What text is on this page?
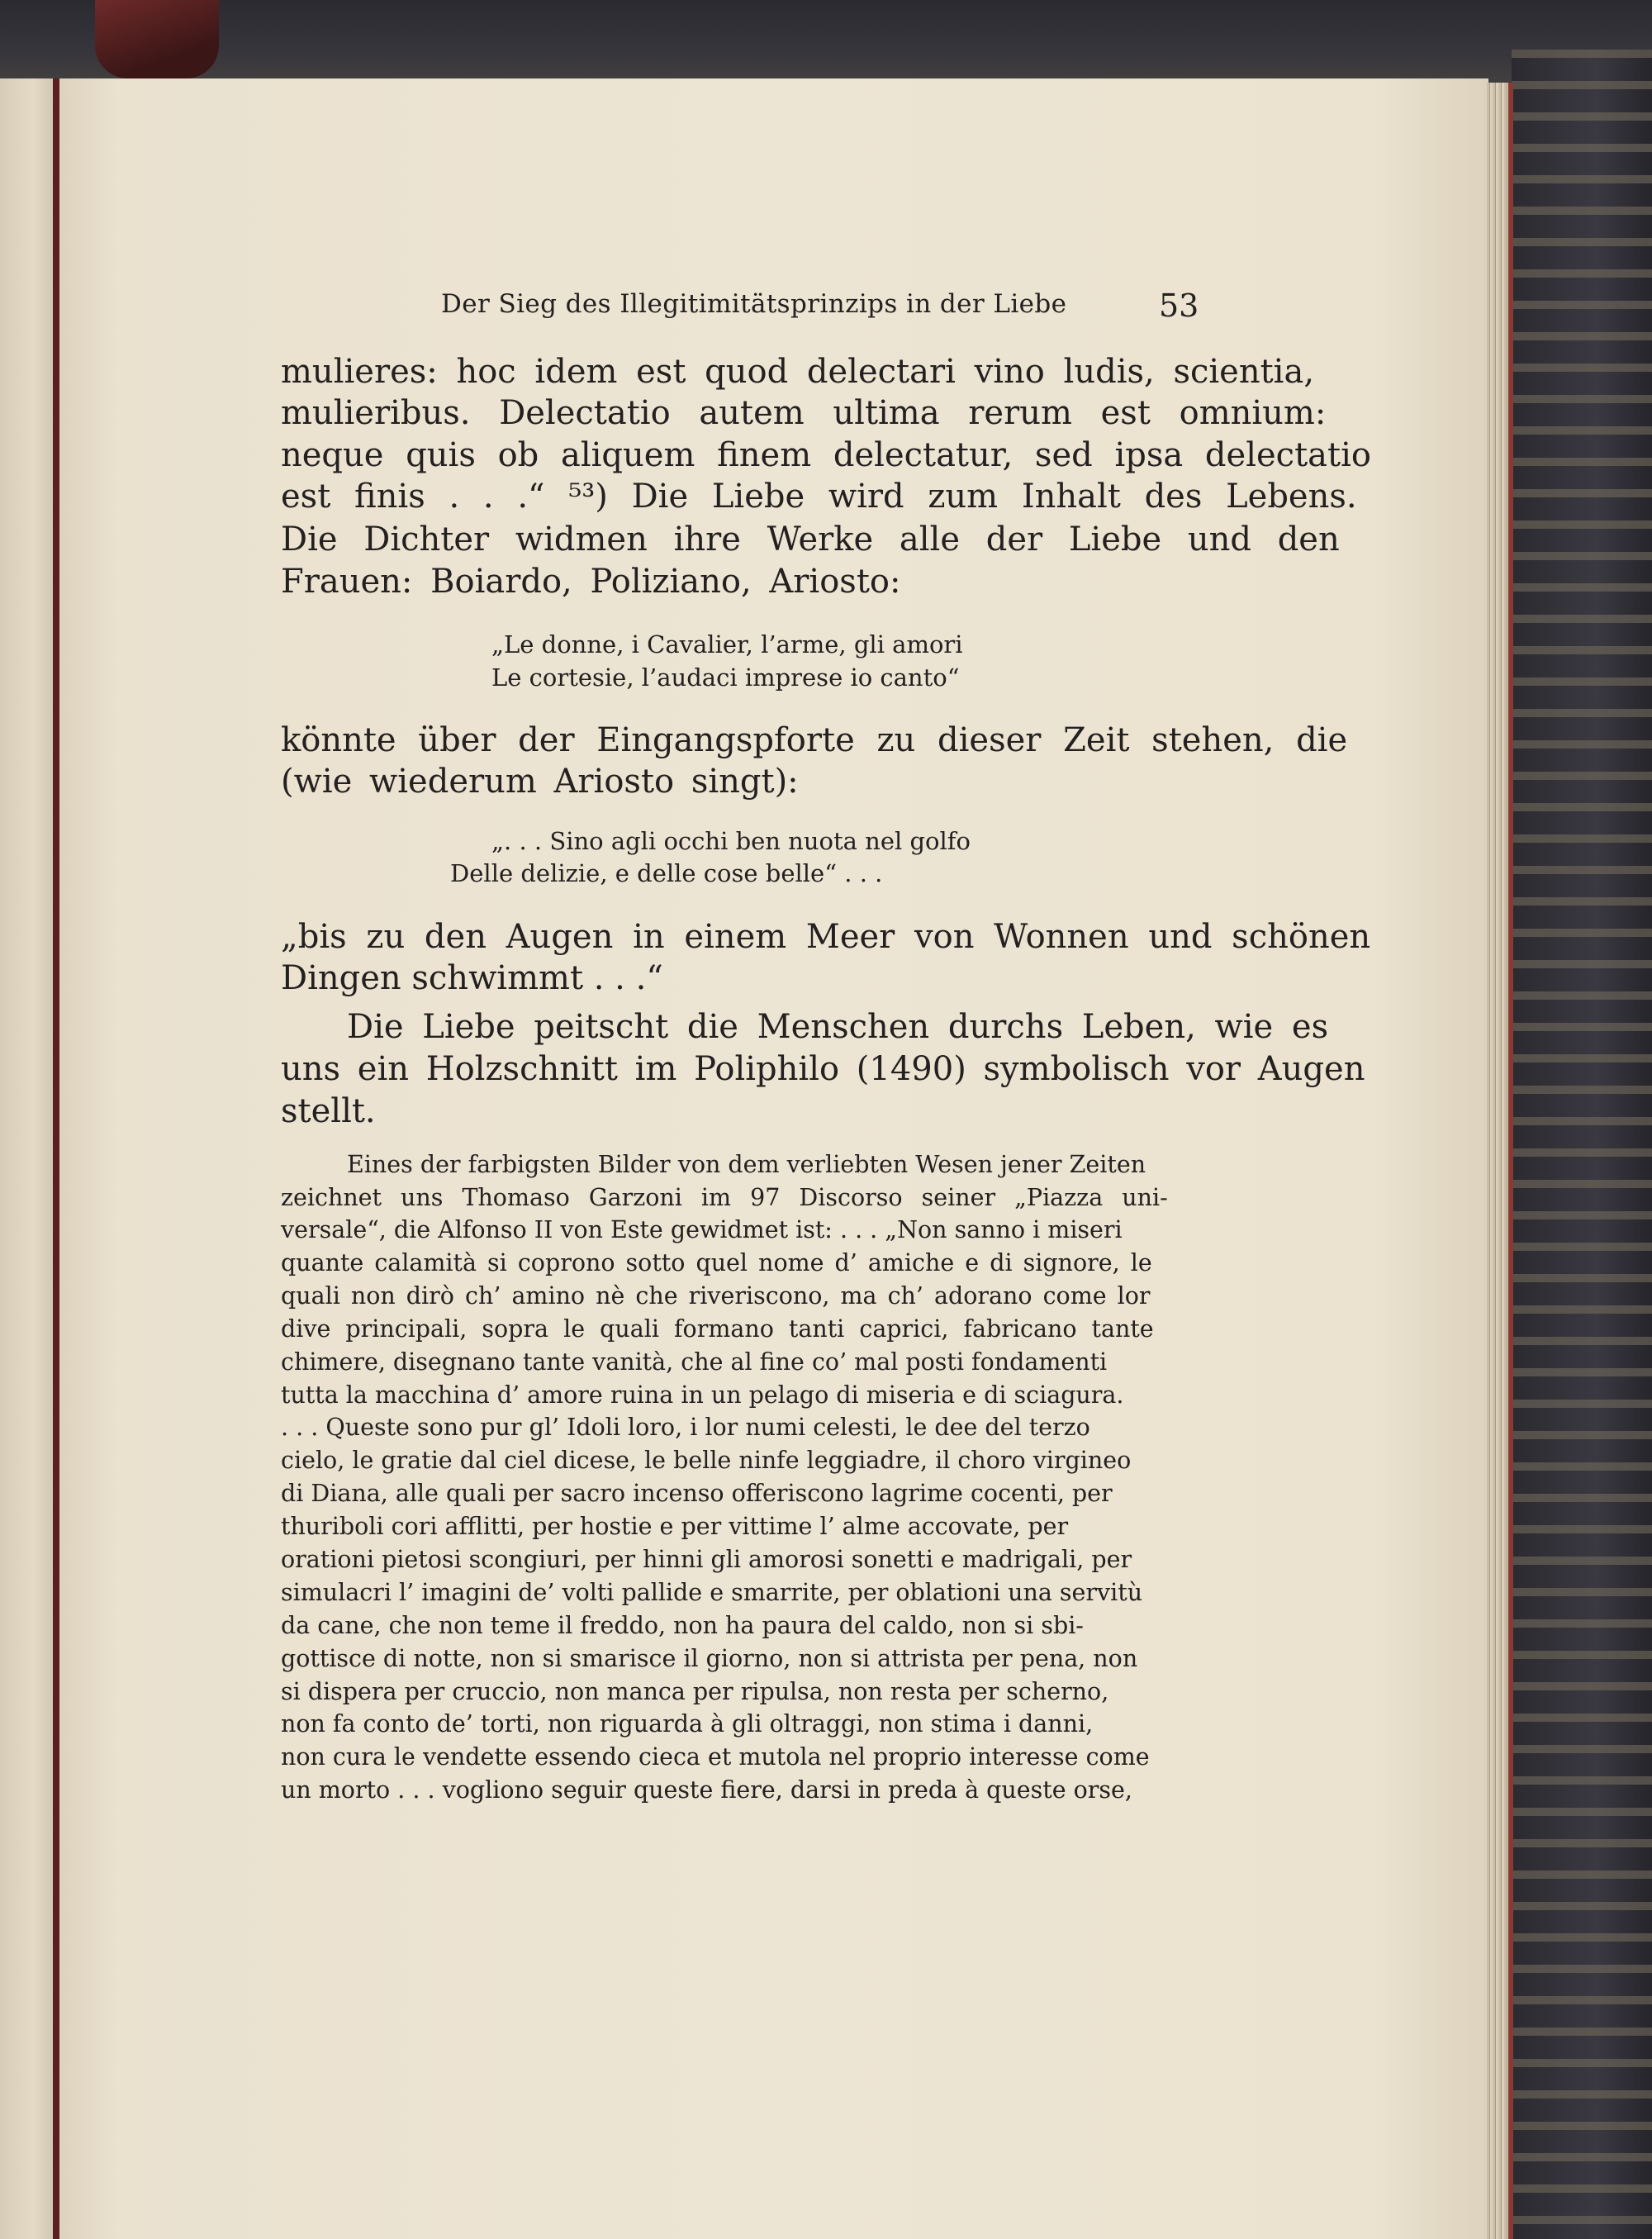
Der Sieg des Illegitimitätsprinzips in der Liebe	53
mulieres: hoc idem est quod delectari vino ludis, scientia,
mulieribus. Delectatio autem ultima rerum est omnium:
neque quis ob aliquem finem delectatur, sed ipsa delectatio
est finis . . .“ ⁵³) Die Liebe wird zum Inhalt des Lebens.
Die Dichter widmen ihre Werke alle der Liebe und den
Frauen: Boiardo, Poliziano, Ariosto:
„Le donne, i Cavalier, l’arme, gli amori
Le cortesie, l’audaci imprese io canto“
könnte über der Eingangspforte zu dieser Zeit stehen, die
(wie wiederum Ariosto singt):
„. . . Sino agli occhi ben nuota nel golfo
Delle delizie, e delle cose belle“ . . .
„bis zu den Augen in einem Meer von Wonnen und schönen
Dingen schwimmt . . .“
Die Liebe peitscht die Menschen durchs Leben, wie es
uns ein Holzschnitt im Poliphilo (1490) symbolisch vor Augen
stellt.
Eines der farbigsten Bilder von dem verliebten Wesen jener Zeiten
zeichnet uns Thomaso Garzoni im 97 Discorso seiner „Piazza uni-
versale“, die Alfonso II von Este gewidmet ist: . . . „Non sanno i miseri
quante calamità si coprono sotto quel nome d’ amiche e di signore, le
quali non dirò ch’ amino nè che riveriscono, ma ch’ adorano come lor
dive principali, sopra le quali formano tanti caprici, fabricano tante
chimere, disegnano tante vanità, che al fine co’ mal posti fondamenti
tutta la macchina d’ amore ruina in un pelago di miseria e di sciagura.
. . . Queste sono pur gl’ Idoli loro, i lor numi celesti, le dee del terzo
cielo, le gratie dal ciel dicese, le belle ninfe leggiadre, il choro virgineo
di Diana, alle quali per sacro incenso offeriscono lagrime cocenti, per
thuriboli cori afflitti, per hostie e per vittime l’ alme accovate, per
orationi pietosi scongiuri, per hinni gli amorosi sonetti e madrigali, per
simulacri l’ imagini de’ volti pallide e smarrite, per oblationi una servitù
da cane, che non teme il freddo, non ha paura del caldo, non si sbi-
gottisce di notte, non si smarisce il giorno, non si attrista per pena, non
si dispera per cruccio, non manca per ripulsa, non resta per scherno,
non fa conto de’ torti, non riguarda à gli oltraggi, non stima i danni,
non cura le vendette essendo cieca et mutola nel proprio interesse come
un morto . . . vogliono seguir queste fiere, darsi in preda à queste orse,
